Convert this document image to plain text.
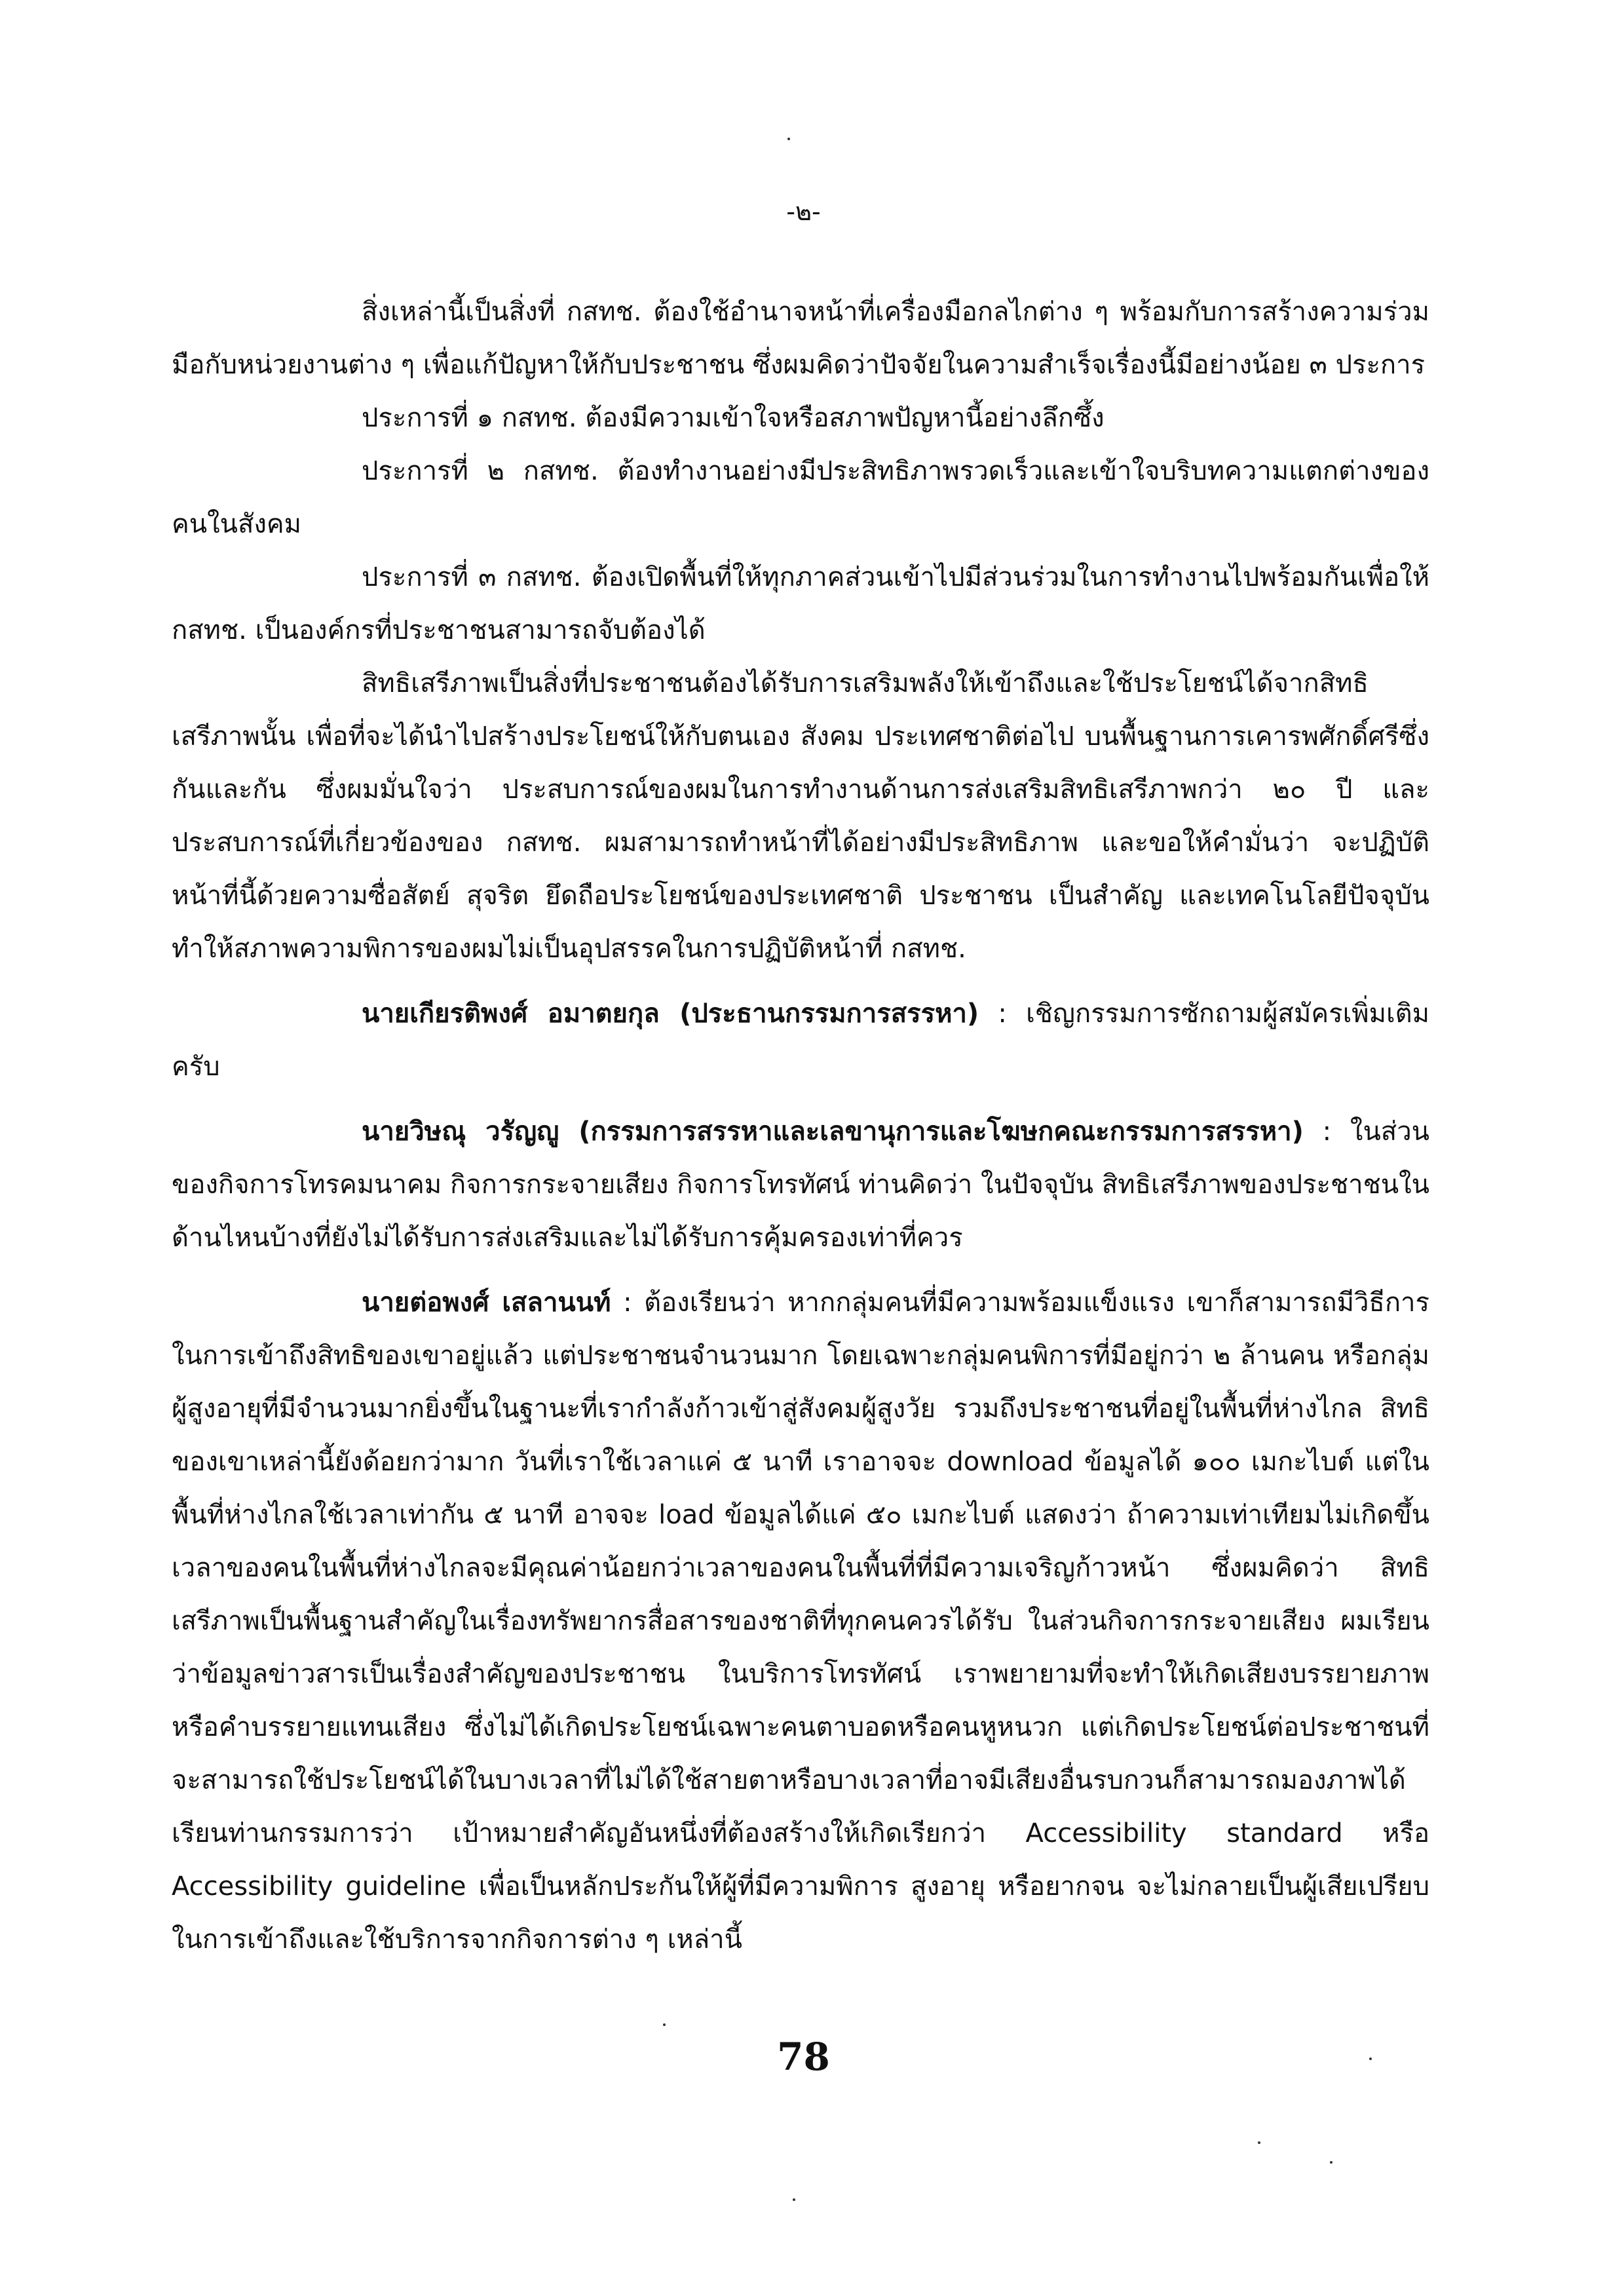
-๒-

สิ่งเหล่านี้เป็นสิ่งที่ กสทช. ต้องใช้อำนาจหน้าที่เครื่องมือกลไกต่าง ๆ พร้อมกับการสร้างความร่วมมือกับหน่วยงานต่าง ๆ เพื่อแก้ปัญหาให้กับประชาชน ซึ่งผมคิดว่าปัจจัยในความสำเร็จเรื่องนี้มีอย่างน้อย ๓ ประการ

ประการที่ ๑ กสทช. ต้องมีความเข้าใจหรือสภาพปัญหานี้อย่างลึกซึ้ง

ประการที่ ๒ กสทช. ต้องทำงานอย่างมีประสิทธิภาพรวดเร็วและเข้าใจบริบทความแตกต่างของคนในสังคม

ประการที่ ๓ กสทช. ต้องเปิดพื้นที่ให้ทุกภาคส่วนเข้าไปมีส่วนร่วมในการทำงานไปพร้อมกันเพื่อให้ กสทช. เป็นองค์กรที่ประชาชนสามารถจับต้องได้

สิทธิเสรีภาพเป็นสิ่งที่ประชาชนต้องได้รับการเสริมพลังให้เข้าถึงและใช้ประโยชน์ได้จากสิทธิเสรีภาพนั้น เพื่อที่จะได้นำไปสร้างประโยชน์ให้กับตนเอง สังคม ประเทศชาติต่อไป บนพื้นฐานการเคารพศักดิ์ศรีซึ่งกันและกัน ซึ่งผมมั่นใจว่า ประสบการณ์ของผมในการทำงานด้านการส่งเสริมสิทธิเสรีภาพกว่า ๒๐ ปี และประสบการณ์ที่เกี่ยวข้องของ กสทช. ผมสามารถทำหน้าที่ได้อย่างมีประสิทธิภาพ และขอให้คำมั่นว่า จะปฏิบัติหน้าที่นี้ด้วยความซื่อสัตย์ สุจริต ยึดถือประโยชน์ของประเทศชาติ ประชาชน เป็นสำคัญ และเทคโนโลยีปัจจุบันทำให้สภาพความพิการของผมไม่เป็นอุปสรรคในการปฏิบัติหน้าที่ กสทช.

นายเกียรติพงศ์ อมาตยกุล (ประธานกรรมการสรรหา) : เชิญกรรมการซักถามผู้สมัครเพิ่มเติมครับ

นายวิษณุ วรัญญู (กรรมการสรรหาและเลขานุการและโฆษกคณะกรรมการสรรหา) : ในส่วนของกิจการโทรคมนาคม กิจการกระจายเสียง กิจการโทรทัศน์ ท่านคิดว่า ในปัจจุบัน สิทธิเสรีภาพของประชาชนในด้านไหนบ้างที่ยังไม่ได้รับการส่งเสริมและไม่ได้รับการคุ้มครองเท่าที่ควร

นายต่อพงศ์ เสลานนท์ : ต้องเรียนว่า หากกลุ่มคนที่มีความพร้อมแข็งแรง เขาก็สามารถมีวิธีการในการเข้าถึงสิทธิของเขาอยู่แล้ว แต่ประชาชนจำนวนมาก โดยเฉพาะกลุ่มคนพิการที่มีอยู่กว่า ๒ ล้านคน หรือกลุ่มผู้สูงอายุที่มีจำนวนมากยิ่งขึ้นในฐานะที่เรากำลังก้าวเข้าสู่สังคมผู้สูงวัย รวมถึงประชาชนที่อยู่ในพื้นที่ห่างไกล สิทธิของเขาเหล่านี้ยังด้อยกว่ามาก วันที่เราใช้เวลาแค่ ๕ นาที เราอาจจะ download ข้อมูลได้ ๑๐๐ เมกะไบต์ แต่ในพื้นที่ห่างไกลใช้เวลาเท่ากัน ๕ นาที อาจจะ load ข้อมูลได้แค่ ๕๐ เมกะไบต์ แสดงว่า ถ้าความเท่าเทียมไม่เกิดขึ้น เวลาของคนในพื้นที่ห่างไกลจะมีคุณค่าน้อยกว่าเวลาของคนในพื้นที่ที่มีความเจริญก้าวหน้า ซึ่งผมคิดว่า สิทธิเสรีภาพเป็นพื้นฐานสำคัญในเรื่องทรัพยากรสื่อสารของชาติที่ทุกคนควรได้รับ ในส่วนกิจการกระจายเสียง ผมเรียนว่าข้อมูลข่าวสารเป็นเรื่องสำคัญของประชาชน ในบริการโทรทัศน์ เราพยายามที่จะทำให้เกิดเสียงบรรยายภาพ หรือคำบรรยายแทนเสียง ซึ่งไม่ได้เกิดประโยชน์เฉพาะคนตาบอดหรือคนหูหนวก แต่เกิดประโยชน์ต่อประชาชนที่จะสามารถใช้ประโยชน์ได้ในบางเวลาที่ไม่ได้ใช้สายตาหรือบางเวลาที่อาจมีเสียงอื่นรบกวนก็สามารถมองภาพได้ เรียนท่านกรรมการว่า เป้าหมายสำคัญอันหนึ่งที่ต้องสร้างให้เกิดเรียกว่า Accessibility standard หรือ Accessibility guideline เพื่อเป็นหลักประกันให้ผู้ที่มีความพิการ สูงอายุ หรือยากจน จะไม่กลายเป็นผู้เสียเปรียบในการเข้าถึงและใช้บริการจากกิจการต่าง ๆ เหล่านี้

78
